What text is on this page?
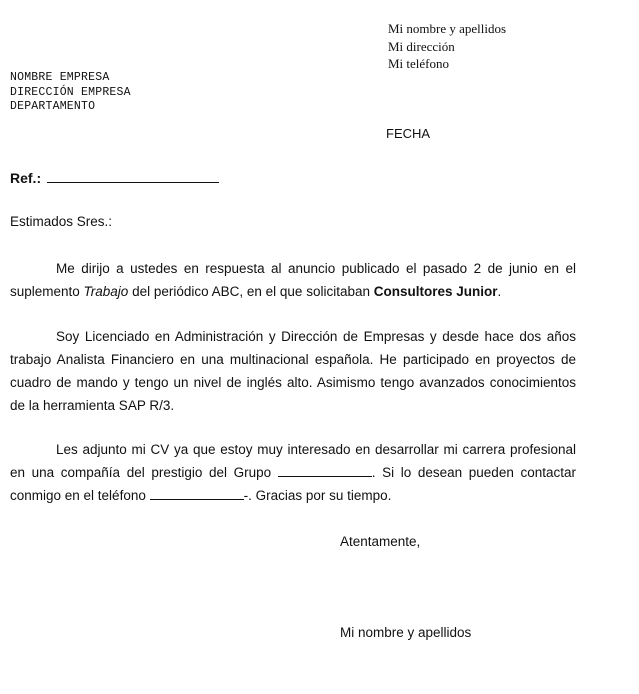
Mi nombre y apellidos
Mi dirección
Mi teléfono
NOMBRE EMPRESA
DIRECCIÓN EMPRESA
DEPARTAMENTO
FECHA
Ref.:
Estimados Sres.:

Me dirijo a ustedes en respuesta al anuncio publicado el pasado 2 de junio en el suplemento Trabajo del periódico ABC, en el que solicitaban Consultores Junior.

Soy Licenciado en Administración y Dirección de Empresas y desde hace dos años trabajo Analista Financiero en una multinacional española. He participado en proyectos de cuadro de mando y tengo un nivel de inglés alto. Asimismo tengo avanzados conocimientos de la herramienta SAP R/3.

Les adjunto mi CV ya que estoy muy interesado en desarrollar mi carrera profesional en una compañía del prestigio del Grupo	. Si lo desean pueden contactar conmigo en el teléfono	-. Gracias por su tiempo.

Atentamente,
Mi nombre y apellidos
